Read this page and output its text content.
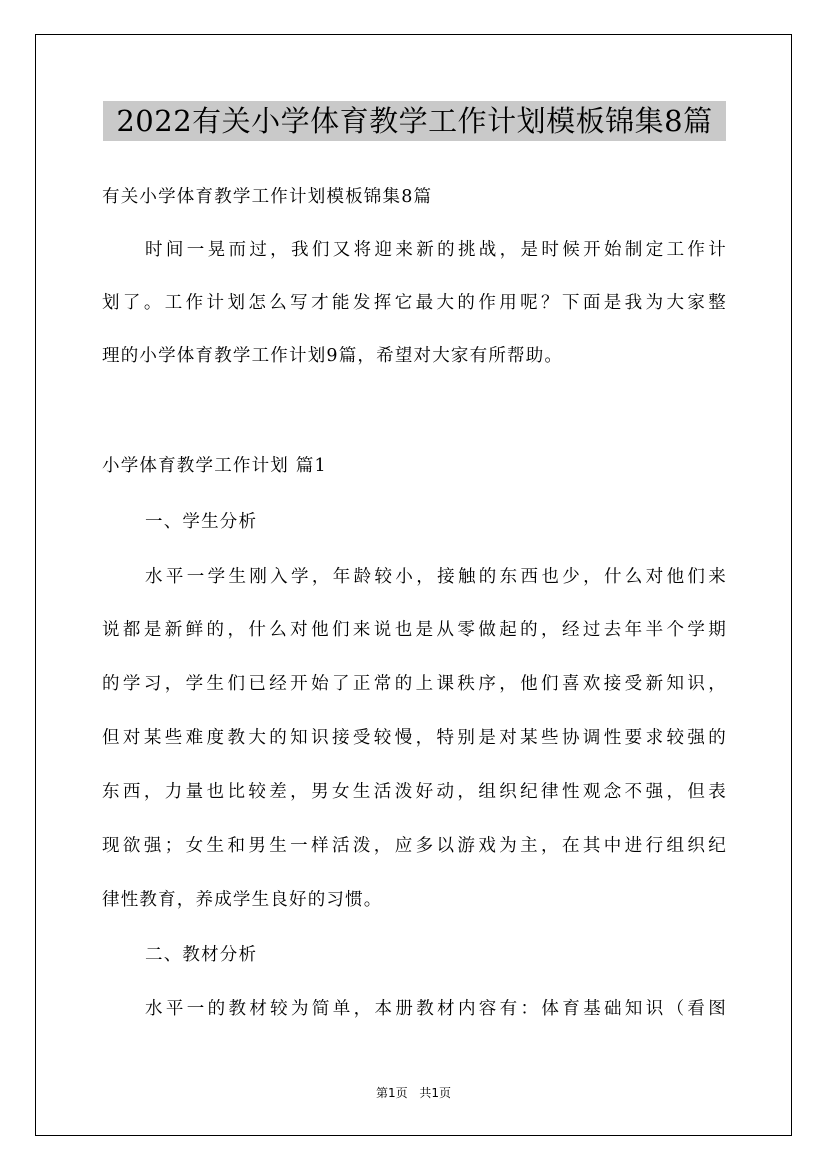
2022有关小学体育教学工作计划模板锦集8篇
有关小学体育教学工作计划模板锦集8篇
时间一晃而过，我们又将迎来新的挑战，是时候开始制定工作计
划了。工作计划怎么写才能发挥它最大的作用呢？下面是我为大家整
理的小学体育教学工作计划9篇，希望对大家有所帮助。
小学体育教学工作计划 篇1
一、学生分析
水平一学生刚入学，年龄较小，接触的东西也少，什么对他们来
说都是新鲜的，什么对他们来说也是从零做起的，经过去年半个学期
的学习，学生们已经开始了正常的上课秩序，他们喜欢接受新知识，
但对某些难度教大的知识接受较慢，特别是对某些协调性要求较强的
东西，力量也比较差，男女生活泼好动，组织纪律性观念不强，但表
现欲强；女生和男生一样活泼，应多以游戏为主，在其中进行组织纪
律性教育，养成学生良好的习惯。
二、教材分析
水平一的教材较为简单，本册教材内容有：体育基础知识（看图
第1页 共1页
